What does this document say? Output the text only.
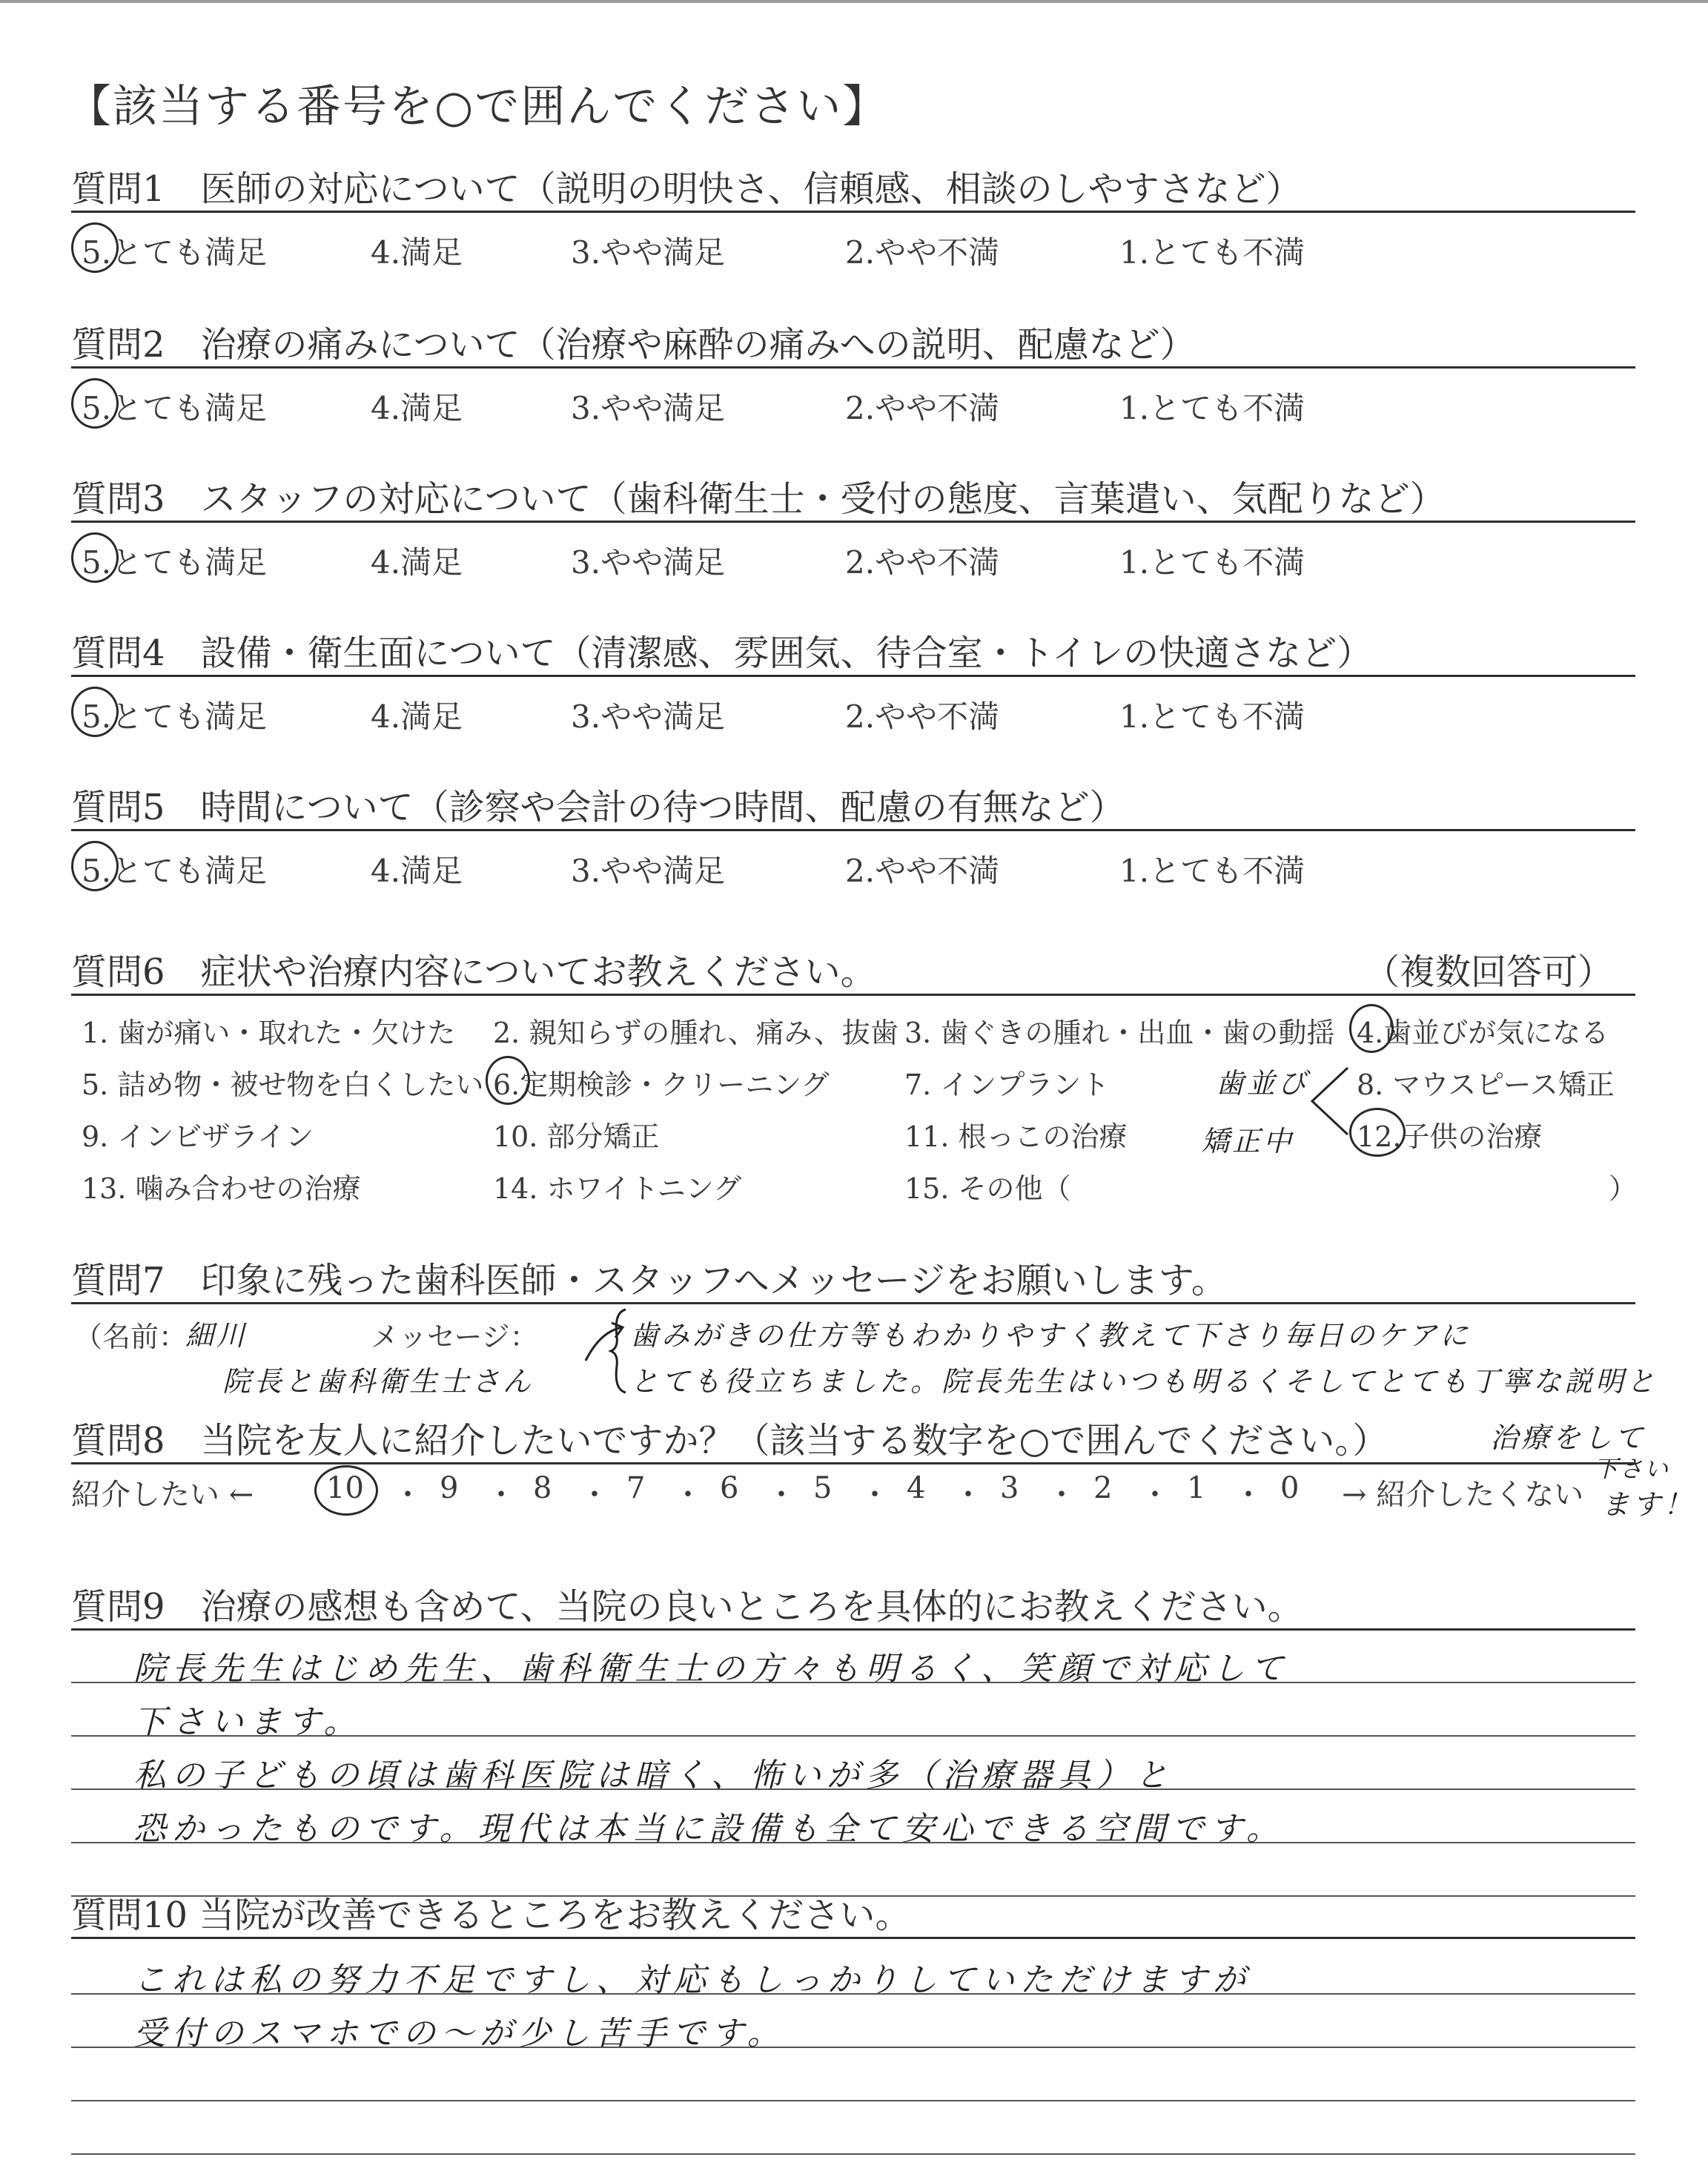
【該当する番号を○で囲んでください】
質問1　医師の対応について（説明の明快さ、信頼感、相談のしやすさなど）
5.とても満足	4.満足	3.やや満足	2.やや不満	1.とても不満
質問2　治療の痛みについて（治療や麻酔の痛みへの説明、配慮など）
5.とても満足	4.満足	3.やや満足	2.やや不満	1.とても不満
質問3　スタッフの対応について（歯科衛生士・受付の態度、言葉遣い、気配りなど）
5.とても満足	4.満足	3.やや満足	2.やや不満	1.とても不満
質問4　設備・衛生面について（清潔感、雰囲気、待合室・トイレの快適さなど）
5.とても満足	4.満足	3.やや満足	2.やや不満	1.とても不満
質問5　時間について（診察や会計の待つ時間、配慮の有無など）
5.とても満足	4.満足	3.やや満足	2.やや不満	1.とても不満
質問6　症状や治療内容についてお教えください。	（複数回答可）
1. 歯が痛い・取れた・欠けた 2. 親知らずの腫れ、痛み、抜歯 3. 歯ぐきの腫れ・出血・歯の動揺 4.歯並びが気になる
5. 詰め物・被せ物を白くしたい 6.定期検診・クリーニング	7. インプラント	8. マウスピース矯正
9. インビザライン	10. 部分矯正	11. 根っこの治療	12.子供の治療
13. 噛み合わせの治療	14. ホワイトニング	15. その他（	）
歯並び
矯正中
質問7　印象に残った歯科医師・スタッフへメッセージをお願いします。
（名前：
細川	メッセージ：
院長と歯科衛生士さん
歯みがきの仕方等もわかりやすく教えて下さり毎日のケアに
とても役立ちました。院長先生はいつも明るくそしてとても丁寧な説明と
治療をして
下さい
ます！
質問8　当院を友人に紹介したいですか？（該当する数字を○で囲んでください。）
紹介したい ← 10 ・ 9 ・ 8 ・ 7 ・ 6 ・ 5 ・ 4 ・ 3 ・ 2 ・ 1 ・ 0 → 紹介したくない
質問9　治療の感想も含めて、当院の良いところを具体的にお教えください。
院長先生はじめ先生、歯科衛生士の方々も明るく、笑顔で対応して
下さいます。
私の子どもの頃は歯科医院は暗く、怖いが多（治療器具）と
恐かったものです。現代は本当に設備も全て安心できる空間です。
質問10 当院が改善できるところをお教えください。
これは私の努力不足ですし、対応もしっかりしていただけますが
受付のスマホでの〜が少し苦手です。
